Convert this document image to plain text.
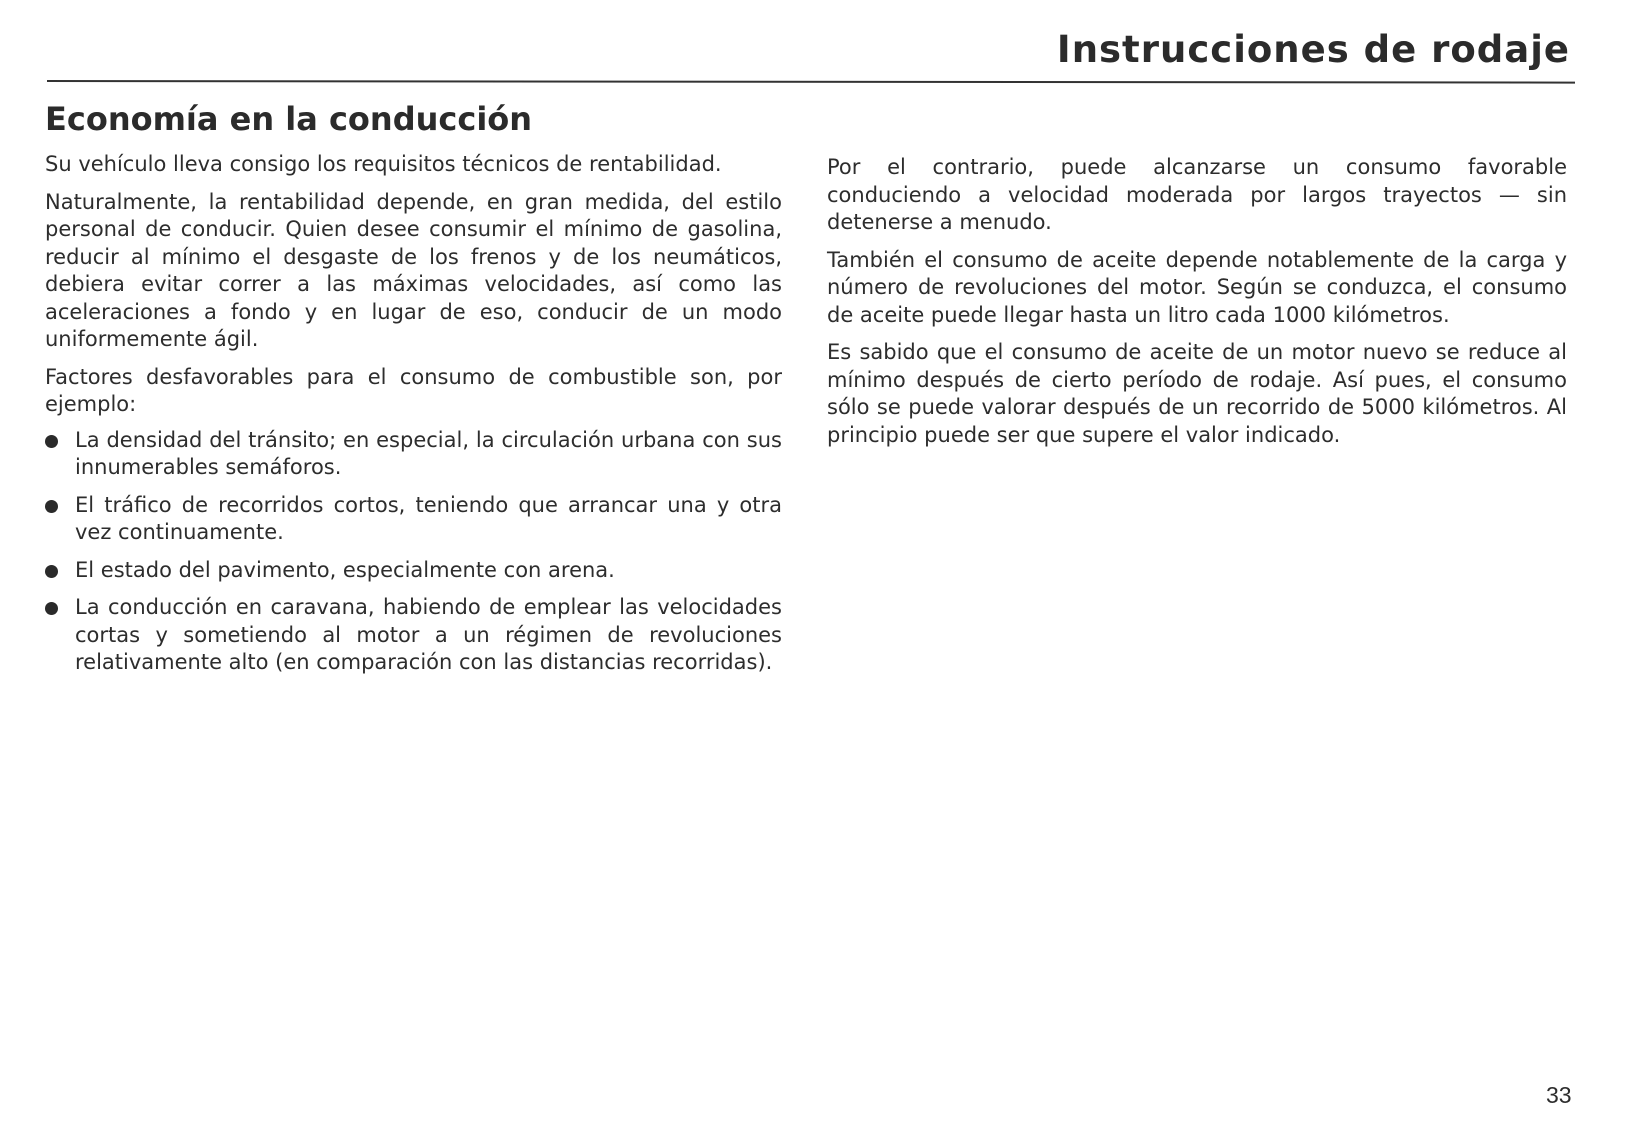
Instrucciones de rodaje
Economía en la conducción

Su vehículo lleva consigo los requisitos técnicos de rentabilidad.

Naturalmente, la rentabilidad depende, en gran medida, del estilo personal de conducir. Quien desee consumir el mínimo de gasolina, reducir al mínimo el desgaste de los frenos y de los neumáticos, debiera evitar correr a las máximas velocidades, así como las aceleraciones a fondo y en lugar de eso, conducir de un modo uniformemente ágil.

Factores desfavorables para el consumo de combustible son, por ejemplo:

La densidad del tránsito; en especial, la circulación urbana con sus innumerables semáforos.
El tráfico de recorridos cortos, teniendo que arrancar una y otra vez continuamente.
El estado del pavimento, especialmente con arena.
La conducción en caravana, habiendo de emplear las velocidades cortas y sometiendo al motor a un régimen de revoluciones relativamente alto (en comparación con las distancias recorridas).

Por el contrario, puede alcanzarse un consumo favorable conduciendo a velocidad moderada por largos trayectos — sin detenerse a menudo.

También el consumo de aceite depende notablemente de la carga y número de revoluciones del motor. Según se conduzca, el consumo de aceite puede llegar hasta un litro cada 1000 kilómetros.

Es sabido que el consumo de aceite de un motor nuevo se reduce al mínimo después de cierto período de rodaje. Así pues, el consumo sólo se puede valorar después de un recorrido de 5000 kilómetros. Al principio puede ser que supere el valor indicado.

33
